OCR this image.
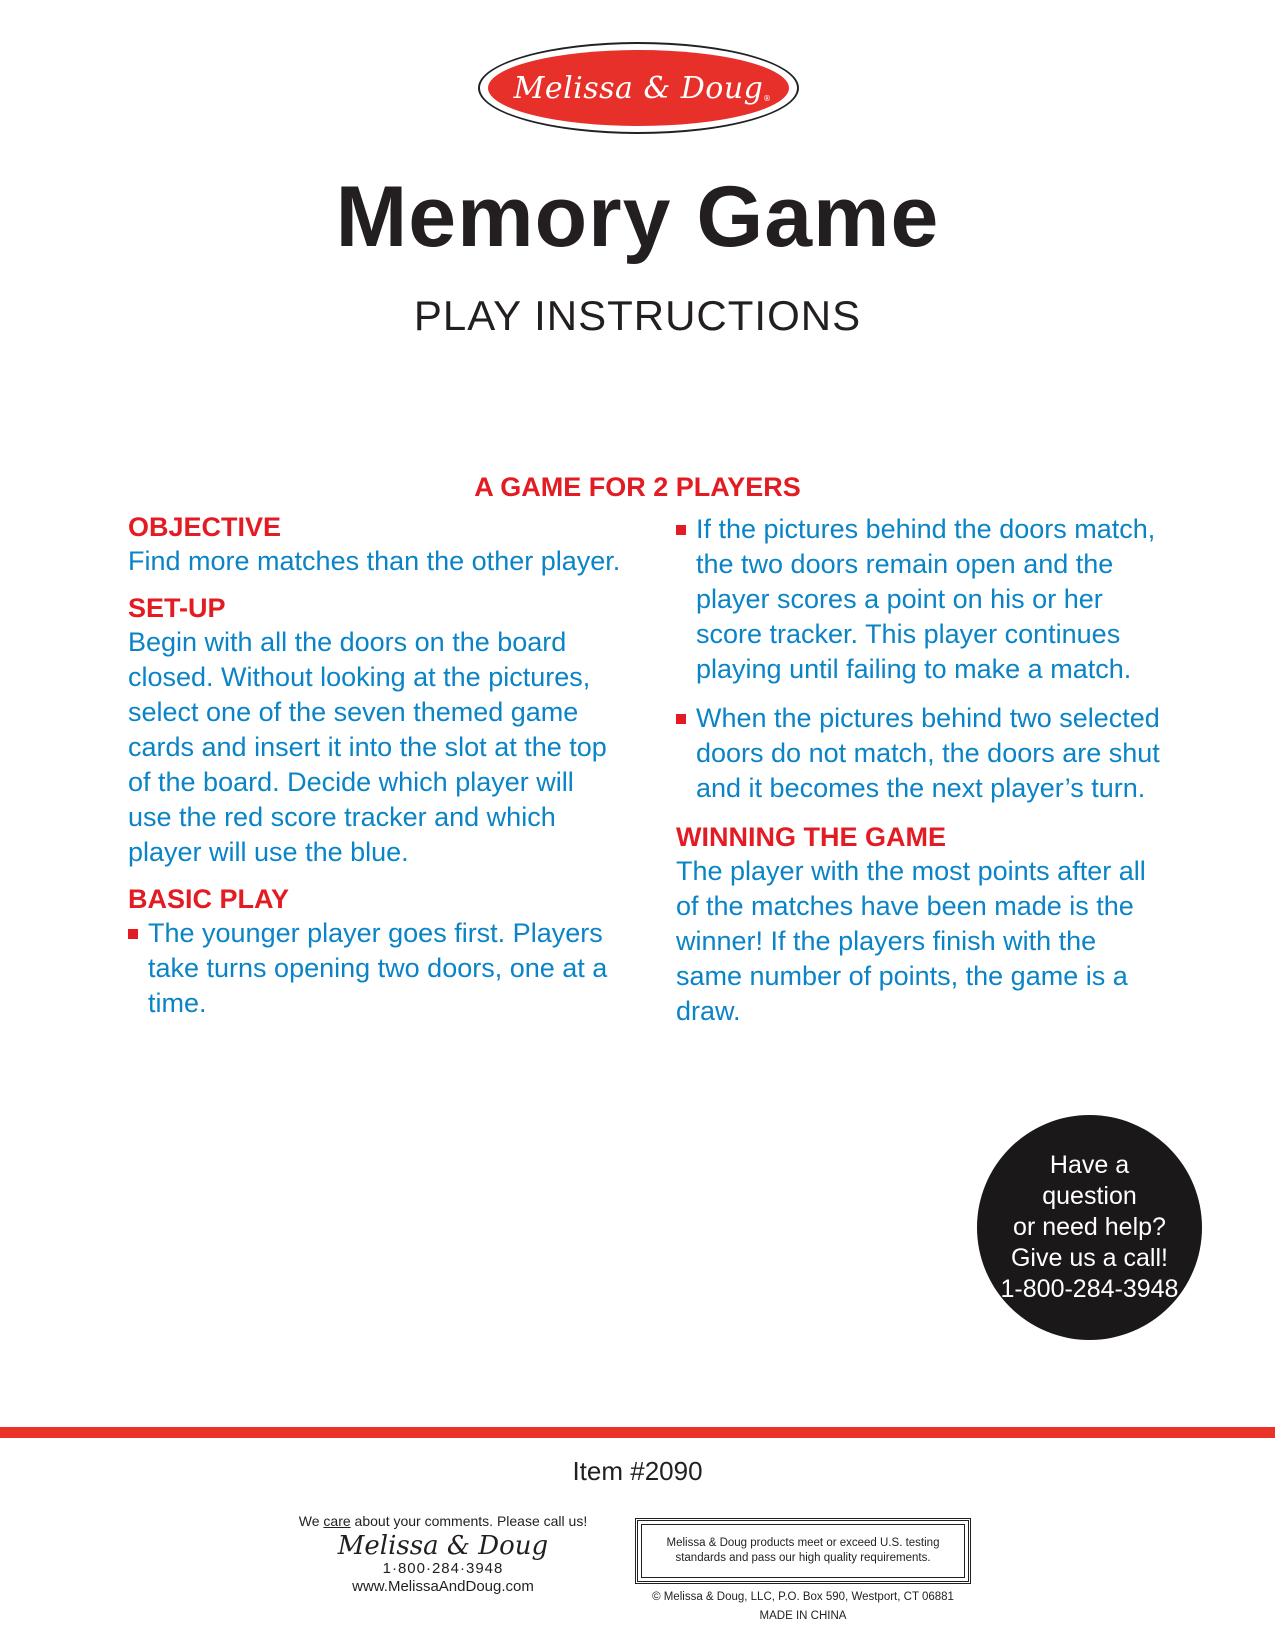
Melissa & Doug ®
Memory Game
PLAY INSTRUCTIONS
A GAME FOR 2 PLAYERS
OBJECTIVE
Find more matches than the other player.
SET-UP
Begin with all the doors on the board closed. Without looking at the pictures, select one of the seven themed game cards and insert it into the slot at the top of the board. Decide which player will use the red score tracker and which player will use the blue.
BASIC PLAY
The younger player goes first. Players take turns opening two doors, one at a time.
If the pictures behind the doors match, the two doors remain open and the player scores a point on his or her score tracker. This player continues playing until failing to make a match.
When the pictures behind two selected doors do not match, the doors are shut and it becomes the next player’s turn.
WINNING THE GAME
The player with the most points after all of the matches have been made is the winner! If the players finish with the same number of points, the game is a draw.
Have a
question
or need help?
Give us a call!
1-800-284-3948
Item #2090
We care about your comments. Please call us!
Melissa & Doug
1·800·284·3948
www.MelissaAndDoug.com
Melissa & Doug products meet or exceed U.S. testing
standards and pass our high quality requirements.
© Melissa & Doug, LLC, P.O. Box 590, Westport, CT 06881
MADE IN CHINA
